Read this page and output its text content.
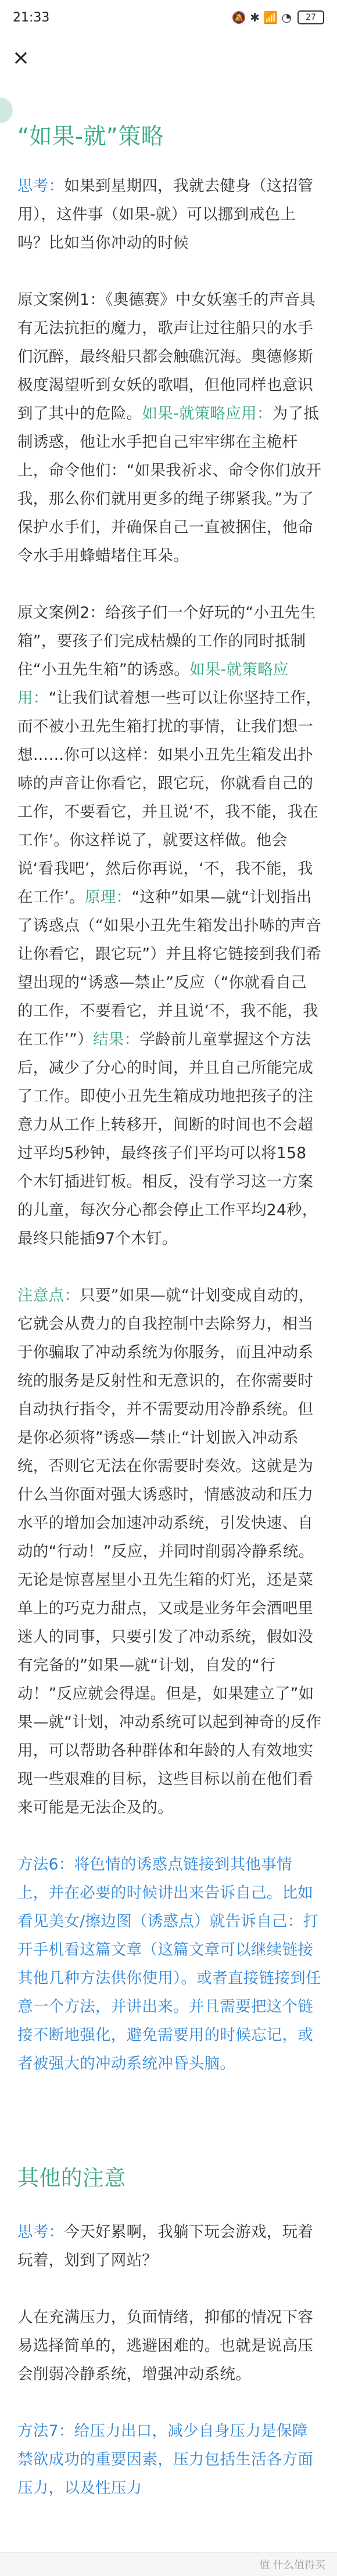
21:33	🔕 ✱ 📶 ◔	27
×
“如果-就”策略
思考：如果到星期四，我就去健身（这招管用），这件事（如果-就）可以挪到戒色上吗？比如当你冲动的时候
原文案例1：《奥德赛》中女妖塞壬的声音具有无法抗拒的魔力，歌声让过往船只的水手们沉醉，最终船只都会触礁沉海。奥德修斯极度渴望听到女妖的歌唱，但他同样也意识到了其中的危险。如果-就策略应用：为了抵制诱惑，他让水手把自己牢牢绑在主桅杆上，命令他们：“如果我祈求、命令你们放开我，那么你们就用更多的绳子绑紧我。”为了保护水手们，并确保自己一直被捆住，他命令水手用蜂蜡堵住耳朵。
原文案例2：给孩子们一个好玩的“小丑先生箱”，要孩子们完成枯燥的工作的同时抵制住“小丑先生箱”的诱惑。如果-就策略应用：“让我们试着想一些可以让你坚持工作，而不被小丑先生箱打扰的事情，让我们想一想……你可以这样：如果小丑先生箱发出扑哧的声音让你看它，跟它玩，你就看自己的工作，不要看它，并且说‘不，我不能，我在工作’。你这样说了，就要这样做。他会说‘看我吧’，然后你再说，‘不，我不能，我在工作’。原理：“这种”如果—就“计划指出了诱惑点（“如果小丑先生箱发出扑哧的声音让你看它，跟它玩”）并且将它链接到我们希望出现的“诱惑—禁止”反应（“你就看自己的工作，不要看它，并且说‘不，我不能，我在工作’”）结果：学龄前儿童掌握这个方法后，减少了分心的时间，并且自己所能完成了工作。即使小丑先生箱成功地把孩子的注意力从工作上转移开，间断的时间也不会超过平均5秒钟，最终孩子们平均可以将158个木钉插进钉板。相反，没有学习这一方案的儿童，每次分心都会停止工作平均24秒，最终只能插97个木钉。
注意点：只要”如果—就“计划变成自动的，它就会从费力的自我控制中去除努力，相当于你骗取了冲动系统为你服务，而且冲动系统的服务是反射性和无意识的，在你需要时自动执行指令，并不需要动用冷静系统。但是你必须将”诱惑—禁止“计划嵌入冲动系统，否则它无法在你需要时奏效。这就是为什么当你面对强大诱惑时，情感波动和压力水平的增加会加速冲动系统，引发快速、自动的“行动！”反应，并同时削弱冷静系统。无论是惊喜屋里小丑先生箱的灯光，还是菜单上的巧克力甜点，又或是业务年会酒吧里迷人的同事，只要引发了冲动系统，假如没有完备的”如果—就“计划，自发的“行动！”反应就会得逞。但是，如果建立了”如果—就“计划，冲动系统可以起到神奇的反作用，可以帮助各种群体和年龄的人有效地实现一些艰难的目标，这些目标以前在他们看来可能是无法企及的。
方法6：将色情的诱惑点链接到其他事情上，并在必要的时候讲出来告诉自己。比如看见美女/擦边图（诱惑点）就告诉自己：打开手机看这篇文章（这篇文章可以继续链接其他几种方法供你使用）。或者直接链接到任意一个方法，并讲出来。并且需要把这个链接不断地强化，避免需要用的时候忘记，或者被强大的冲动系统冲昏头脑。
其他的注意
思考：今天好累啊，我躺下玩会游戏，玩着玩着，划到了网站？
人在充满压力，负面情绪，抑郁的情况下容易选择简单的，逃避困难的。也就是说高压会削弱冷静系统，增强冲动系统。
方法7：给压力出口，减少自身压力是保障禁欲成功的重要因素，压力包括生活各方面压力，以及性压力
值 什么值得买
